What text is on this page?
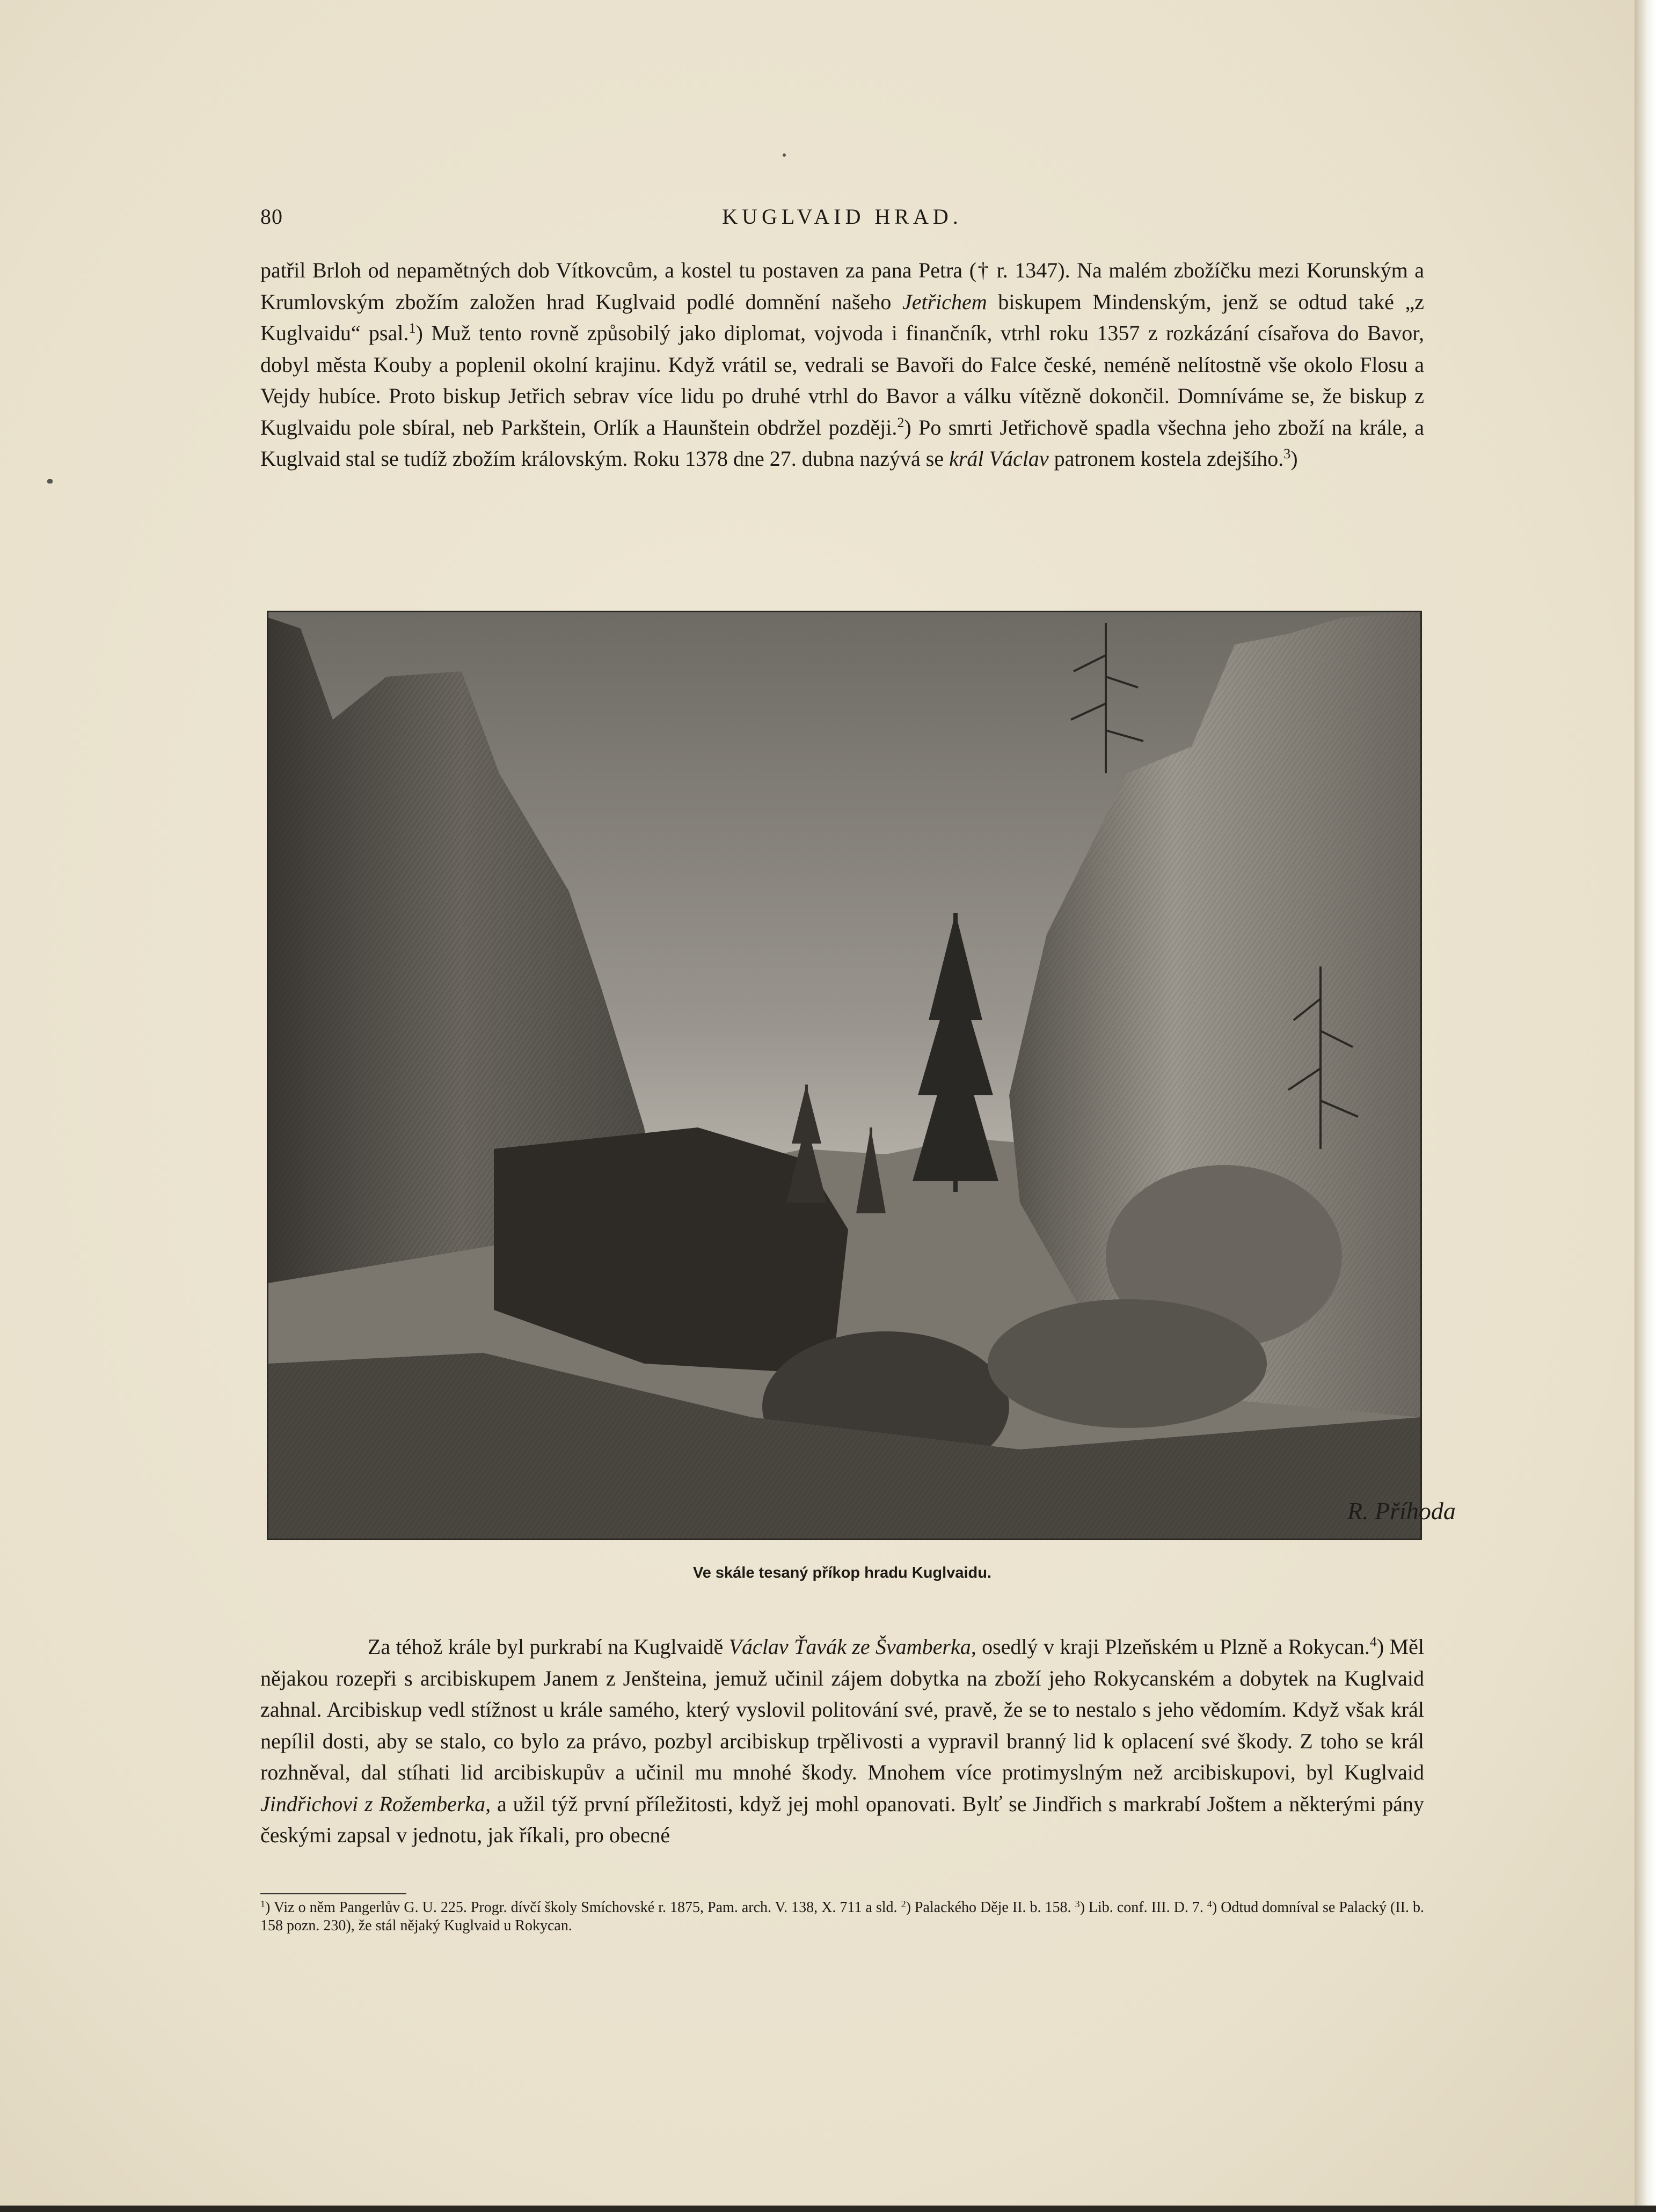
80	KUGLVAID HRAD.
patřil Brloh od nepamětných dob Vítkovcům, a kostel tu postaven za pana Petra († r. 1347). Na malém zbožíčku mezi Korunským a Krumlovským zbožím založen hrad Kuglvaid podlé domnění našeho Jetřichem biskupem Mindenským, jenž se odtud také „z Kuglvaidu“ psal.$^1$) Muž tento rovně způsobilý jako diplomat, vojvoda i finančník, vtrhl roku 1357 z rozkázání císařova do Bavor, dobyl města Kouby a poplenil okolní krajinu. Když vrátil se, vedrali se Bavoři do Falce české, neméně nelítostně vše okolo Flosu a Vejdy hubíce. Proto biskup Jetřich sebrav více lidu po druhé vtrhl do Bavor a válku vítězně dokončil. Domníváme se, že biskup z Kuglvaidu pole sbíral, neb Parkštein, Orlík a Haunštein obdržel později.$^2$) Po smrti Jetřichově spadla všechna jeho zboží na krále, a Kuglvaid stal se tudíž zbožím královským. Roku 1378 dne 27. dubna nazývá se král Václav patronem kostela zdejšího.$^3$)
R. Příhoda
Ve skále tesaný příkop hradu Kuglvaidu.
Za téhož krále byl purkrabí na Kuglvaidě Václav Ťavák ze Švamberka, osedlý v kraji Plzeňském u Plzně a Rokycan.$^4$) Měl nějakou rozepři s arcibiskupem Janem z Jenšteina, jemuž učinil zájem dobytka na zboží jeho Rokycanském a dobytek na Kuglvaid zahnal. Arcibiskup vedl stížnost u krále samého, který vyslovil politování své, pravě, že se to nestalo s jeho vědomím. Když však král nepílil dosti, aby se stalo, co bylo za právo, pozbyl arcibiskup trpělivosti a vypravil branný lid k oplacení své škody. Z toho se král rozhněval, dal stíhati lid arcibiskupův a učinil mu mnohé škody. Mnohem více protimyslným než arcibiskupovi, byl Kuglvaid Jindřichovi z Rožemberka, a užil týž první příležitosti, když jej mohl opanovati. Bylť se Jindřich s markrabí Joštem a některými pány českými zapsal v jednotu, jak říkali, pro obecné
$^1$) Viz o něm Pangerlův G. U. 225. Progr. dívčí školy Smíchovské r. 1875, Pam. arch. V. 138, X. 711 a sld. $^2$) Palackého Děje II. b. 158. $^3$) Lib. conf. III. D. 7. $^4$) Odtud domníval se Palacký (II. b. 158 pozn. 230), že stál nějaký Kuglvaid u Rokycan.
